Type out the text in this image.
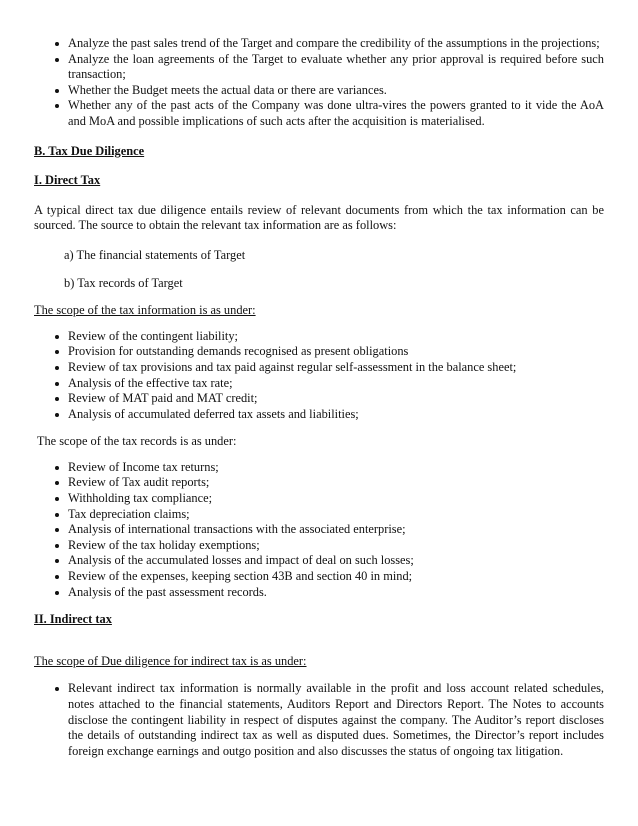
Analyze the past sales trend of the Target and compare the credibility of the assumptions in the projections;
Analyze the loan agreements of the Target to evaluate whether any prior approval is required before such transaction;
Whether the Budget meets the actual data or there are variances.
Whether any of the past acts of the Company was done ultra-vires the powers granted to it vide the AoA and MoA and possible implications of such acts after the acquisition is materialised.

B. Tax Due Diligence

I. Direct Tax

A typical direct tax due diligence entails review of relevant documents from which the tax information can be sourced. The source to obtain the relevant tax information are as follows:

a) The financial statements of Target

b) Tax records of Target

The scope of the tax information is as under:

Review of the contingent liability;
Provision for outstanding demands recognised as present obligations
Review of tax provisions and tax paid against regular self-assessment in the balance sheet;
Analysis of the effective tax rate;
Review of MAT paid and MAT credit;
Analysis of accumulated deferred tax assets and liabilities;

The scope of the tax records is as under:

Review of Income tax returns;
Review of Tax audit reports;
Withholding tax compliance;
Tax depreciation claims;
Analysis of international transactions with the associated enterprise;
Review of the tax holiday exemptions;
Analysis of the accumulated losses and impact of deal on such losses;
Review of the expenses, keeping section 43B and section 40 in mind;
Analysis of the past assessment records.

II. Indirect tax

The scope of Due diligence for indirect tax is as under:

Relevant indirect tax information is normally available in the profit and loss account related schedules, notes attached to the financial statements, Auditors Report and Directors Report. The Notes to accounts disclose the contingent liability in respect of disputes against the company. The Auditor’s report discloses the details of outstanding indirect tax as well as disputed dues. Sometimes, the Director’s report includes foreign exchange earnings and outgo position and also discusses the status of ongoing tax litigation.
